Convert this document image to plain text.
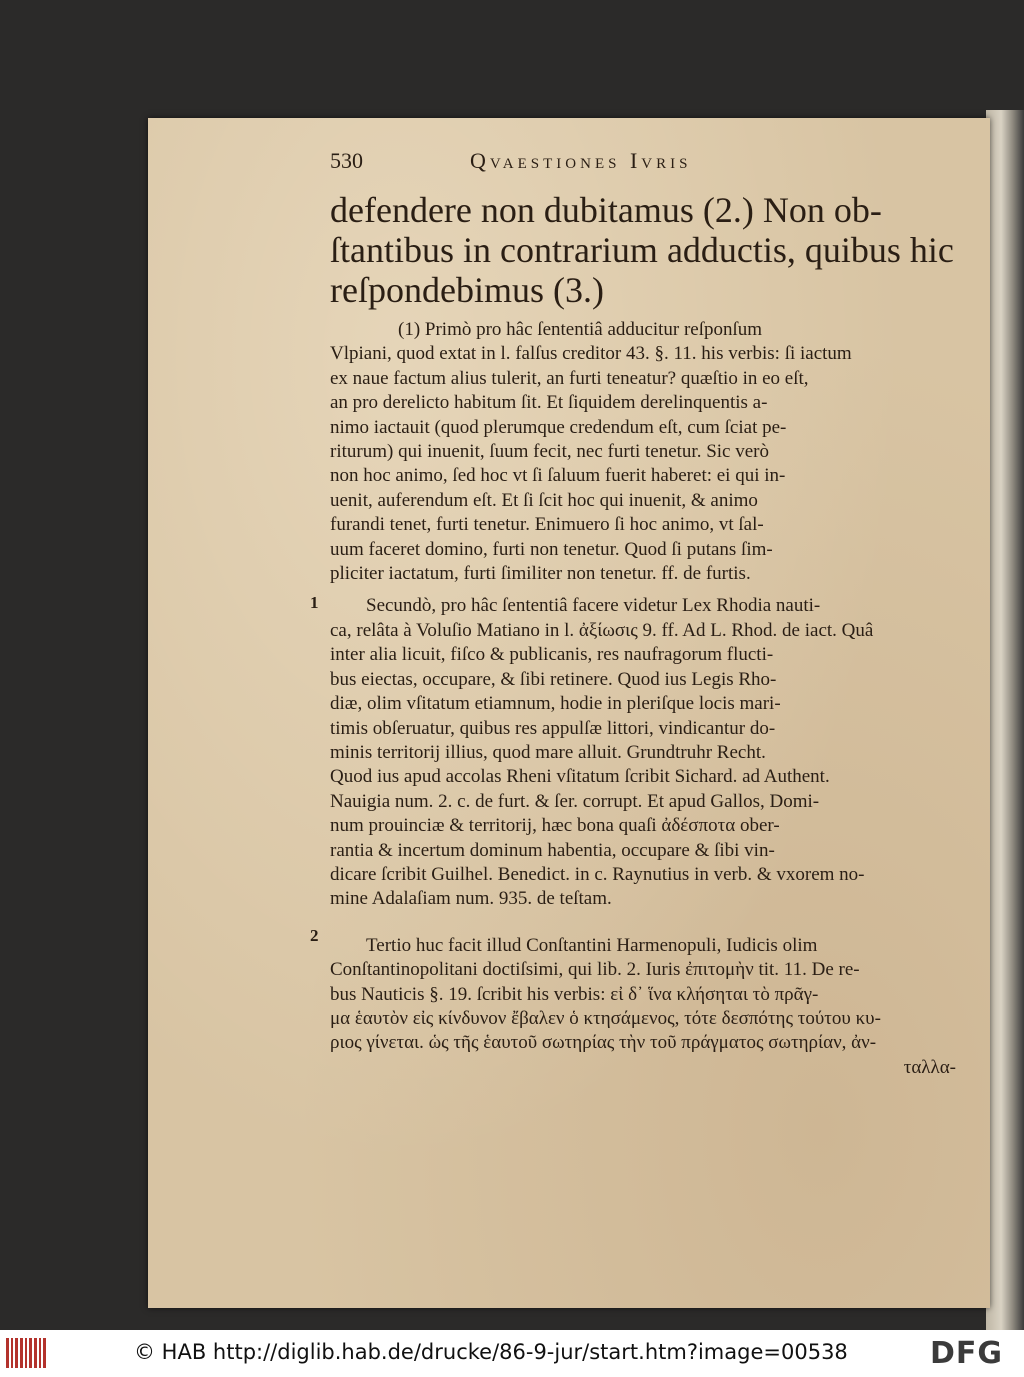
530	Qvaestiones Ivris
defendere non dubitamus (2.) Non ob-
ſtantibus in contrarium adductis, quibus hic
reſpondebimus (3.)
(1) Primò pro hâc ſententiâ adducitur reſponſum
Vlpiani, quod extat in l. falſus creditor 43. §. 11. his verbis: ſi iactum
ex naue factum alius tulerit, an furti teneatur? quæſtio in eo eſt,
an pro derelicto habitum ſit. Et ſiquidem derelinquentis a-
nimo iactauit (quod plerumque credendum eſt, cum ſciat pe-
riturum) qui inuenit, ſuum fecit, nec furti tenetur. Sic verò
non hoc animo, ſed hoc vt ſi ſaluum fuerit haberet: ei qui in-
uenit, auferendum eſt. Et ſi ſcit hoc qui inuenit, & animo
furandi tenet, furti tenetur. Enimuero ſi hoc animo, vt ſal-
uum faceret domino, furti non tenetur. Quod ſi putans ſim-
pliciter iactatum, furti ſimiliter non tenetur. ff. de furtis.
Secundò, pro hâc ſententiâ facere videtur Lex Rhodia nauti-
ca, relâta à Voluſio Matiano in l. ἀξίωσις 9. ff. Ad L. Rhod. de iact. Quâ
inter alia licuit, fiſco & publicanis, res naufragorum flucti-
bus eiectas, occupare, & ſibi retinere. Quod ius Legis Rho-
diæ, olim vſitatum etiamnum, hodie in pleriſque locis mari-
timis obſeruatur, quibus res appulſæ littori, vindicantur do-
minis territorij illius, quod mare alluit. Grundtruhr Recht.
Quod ius apud accolas Rheni vſitatum ſcribit Sichard. ad Authent.
Nauigia num. 2. c. de furt. & ſer. corrupt. Et apud Gallos, Domi-
num prouinciæ & territorij, hæc bona quaſi ἀδέσποτα ober-
rantia & incertum dominum habentia, occupare & ſibi vin-
dicare ſcribit Guilhel. Benedict. in c. Raynutius in verb. & vxorem no-
mine Adalaſiam num. 935. de teſtam.
Tertio huc facit illud Conſtantini Harmenopuli, Iudicis olim
Conſtantinopolitani doctiſsimi, qui lib. 2. Iuris ἐπιτομὴν tit. 11. De re-
bus Nauticis §. 19. ſcribit his verbis: εἰ δ᾽ ἵνα κλήσηται τὸ πρᾶγ-
μα ἑαυτὸν εἰς κίνδυνον ἔβαλεν ὁ κτησάμενος, τότε δεσπότης τούτου κυ-
ριος γίνεται. ὡς τῆς ἑαυτοῦ σωτηρίας τὴν τοῦ πράγματος σωτηρίαν, ἀν-
ταλλα-
1
2
© HAB http://diglib.hab.de/drucke/86-9-jur/start.htm?image=00538	DFG
